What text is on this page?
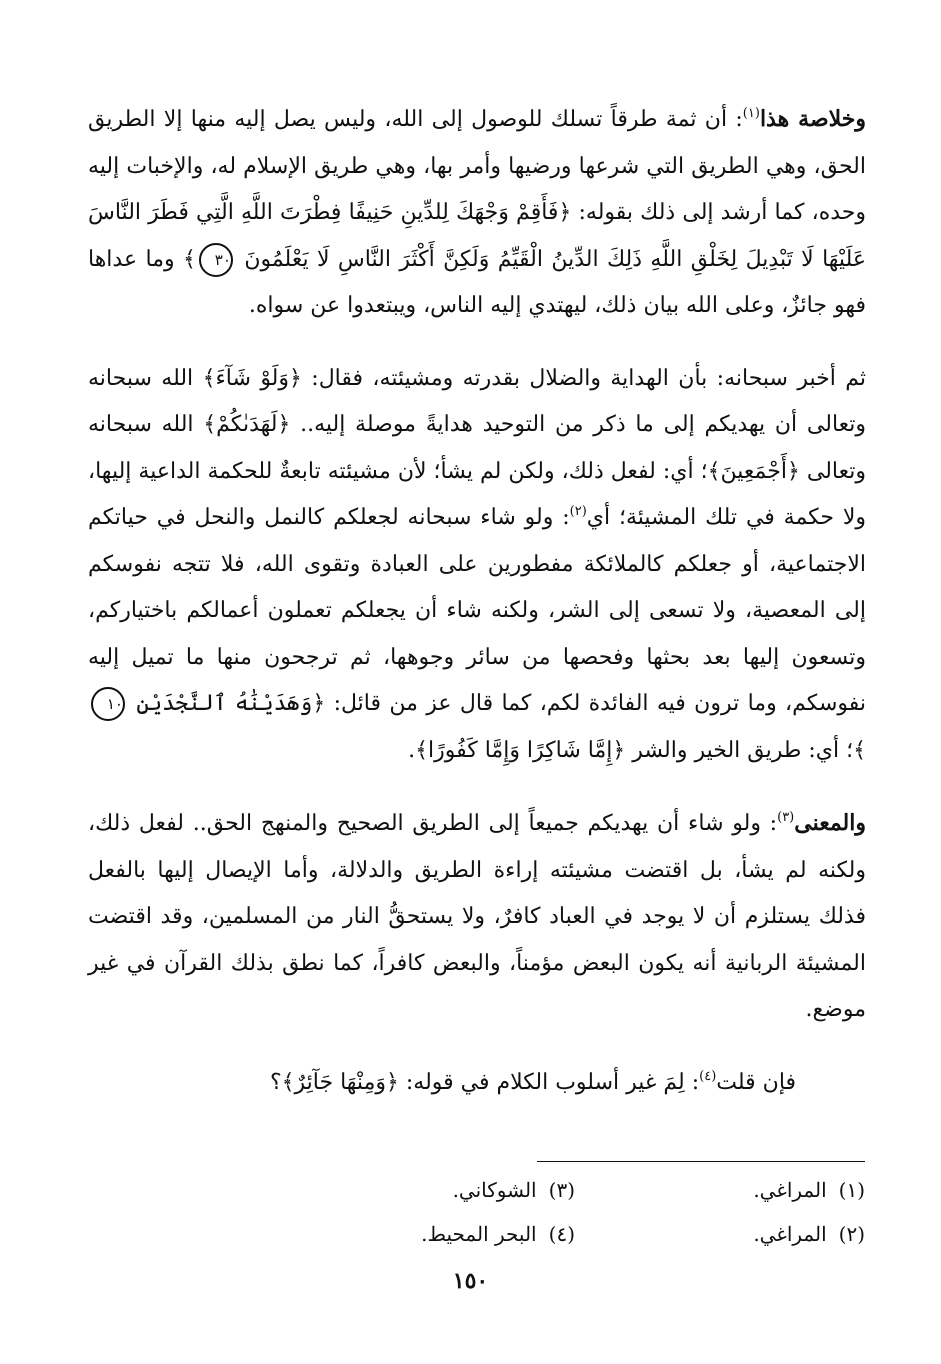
وخلاصة هذا$^{(١)}$: أن ثمة طرقاً تسلك للوصول إلى الله، وليس يصل إليه منها إلا الطريق الحق، وهي الطريق التي شرعها ورضيها وأمر بها، وهي طريق الإسلام له، والإخبات إليه وحده، كما أرشد إلى ذلك بقوله: ﴿فَأَقِمْ وَجْهَكَ لِلدِّينِ حَنِيفًا فِطْرَتَ اللَّهِ الَّتِي فَطَرَ النَّاسَ عَلَيْهَا لَا تَبْدِيلَ لِخَلْقِ اللَّهِ ذَلِكَ الدِّينُ الْقَيِّمُ وَلَكِنَّ أَكْثَرَ النَّاسِ لَا يَعْلَمُونَ ٣٠﴾ وما عداها فهو جائزٌ، وعلى الله بيان ذلك، ليهتدي إليه الناس، ويبتعدوا عن سواه.

ثم أخبر سبحانه: بأن الهداية والضلال بقدرته ومشيئته، فقال: ﴿وَلَوْ شَآءَ﴾ الله سبحانه وتعالى أن يهديكم إلى ما ذكر من التوحيد هدايةً موصلة إليه.. ﴿لَهَدَىٰكُمْ﴾ الله سبحانه وتعالى ﴿أَجْمَعِينَ﴾؛ أي: لفعل ذلك، ولكن لم يشأ؛ لأن مشيئته تابعةٌ للحكمة الداعية إليها، ولا حكمة في تلك المشيئة؛ أي$^{(٢)}$: ولو شاء سبحانه لجعلكم كالنمل والنحل في حياتكم الاجتماعية، أو جعلكم كالملائكة مفطورين على العبادة وتقوى الله، فلا تتجه نفوسكم إلى المعصية، ولا تسعى إلى الشر، ولكنه شاء أن يجعلكم تعملون أعمالكم باختياركم، وتسعون إليها بعد بحثها وفحصها من سائر وجوهها، ثم ترجحون منها ما تميل إليه نفوسكم، وما ترون فيه الفائدة لكم، كما قال عز من قائل: ﴿وَهَدَيْنَٰهُ ٱلنَّجْدَيْنِ ١٠﴾؛ أي: طريق الخير والشر ﴿إِمَّا شَاكِرًا وَإِمَّا كَفُورًا﴾.

والمعنى$^{(٣)}$: ولو شاء أن يهديكم جميعاً إلى الطريق الصحيح والمنهج الحق.. لفعل ذلك، ولكنه لم يشأ، بل اقتضت مشيئته إراءة الطريق والدلالة، وأما الإيصال إليها بالفعل فذلك يستلزم أن لا يوجد في العباد كافرٌ، ولا يستحقُّ النار من المسلمين، وقد اقتضت المشيئة الربانية أنه يكون البعض مؤمناً، والبعض كافراً، كما نطق بذلك القرآن في غير موضع.

فإن قلت$^{(٤)}$: لِمَ غير أسلوب الكلام في قوله: ﴿وَمِنْهَا جَآئِرٌ﴾؟

(١)المراغي.
(٣)الشوكاني.
(٢)المراغي.
(٤)البحر المحيط.
١٥٠
